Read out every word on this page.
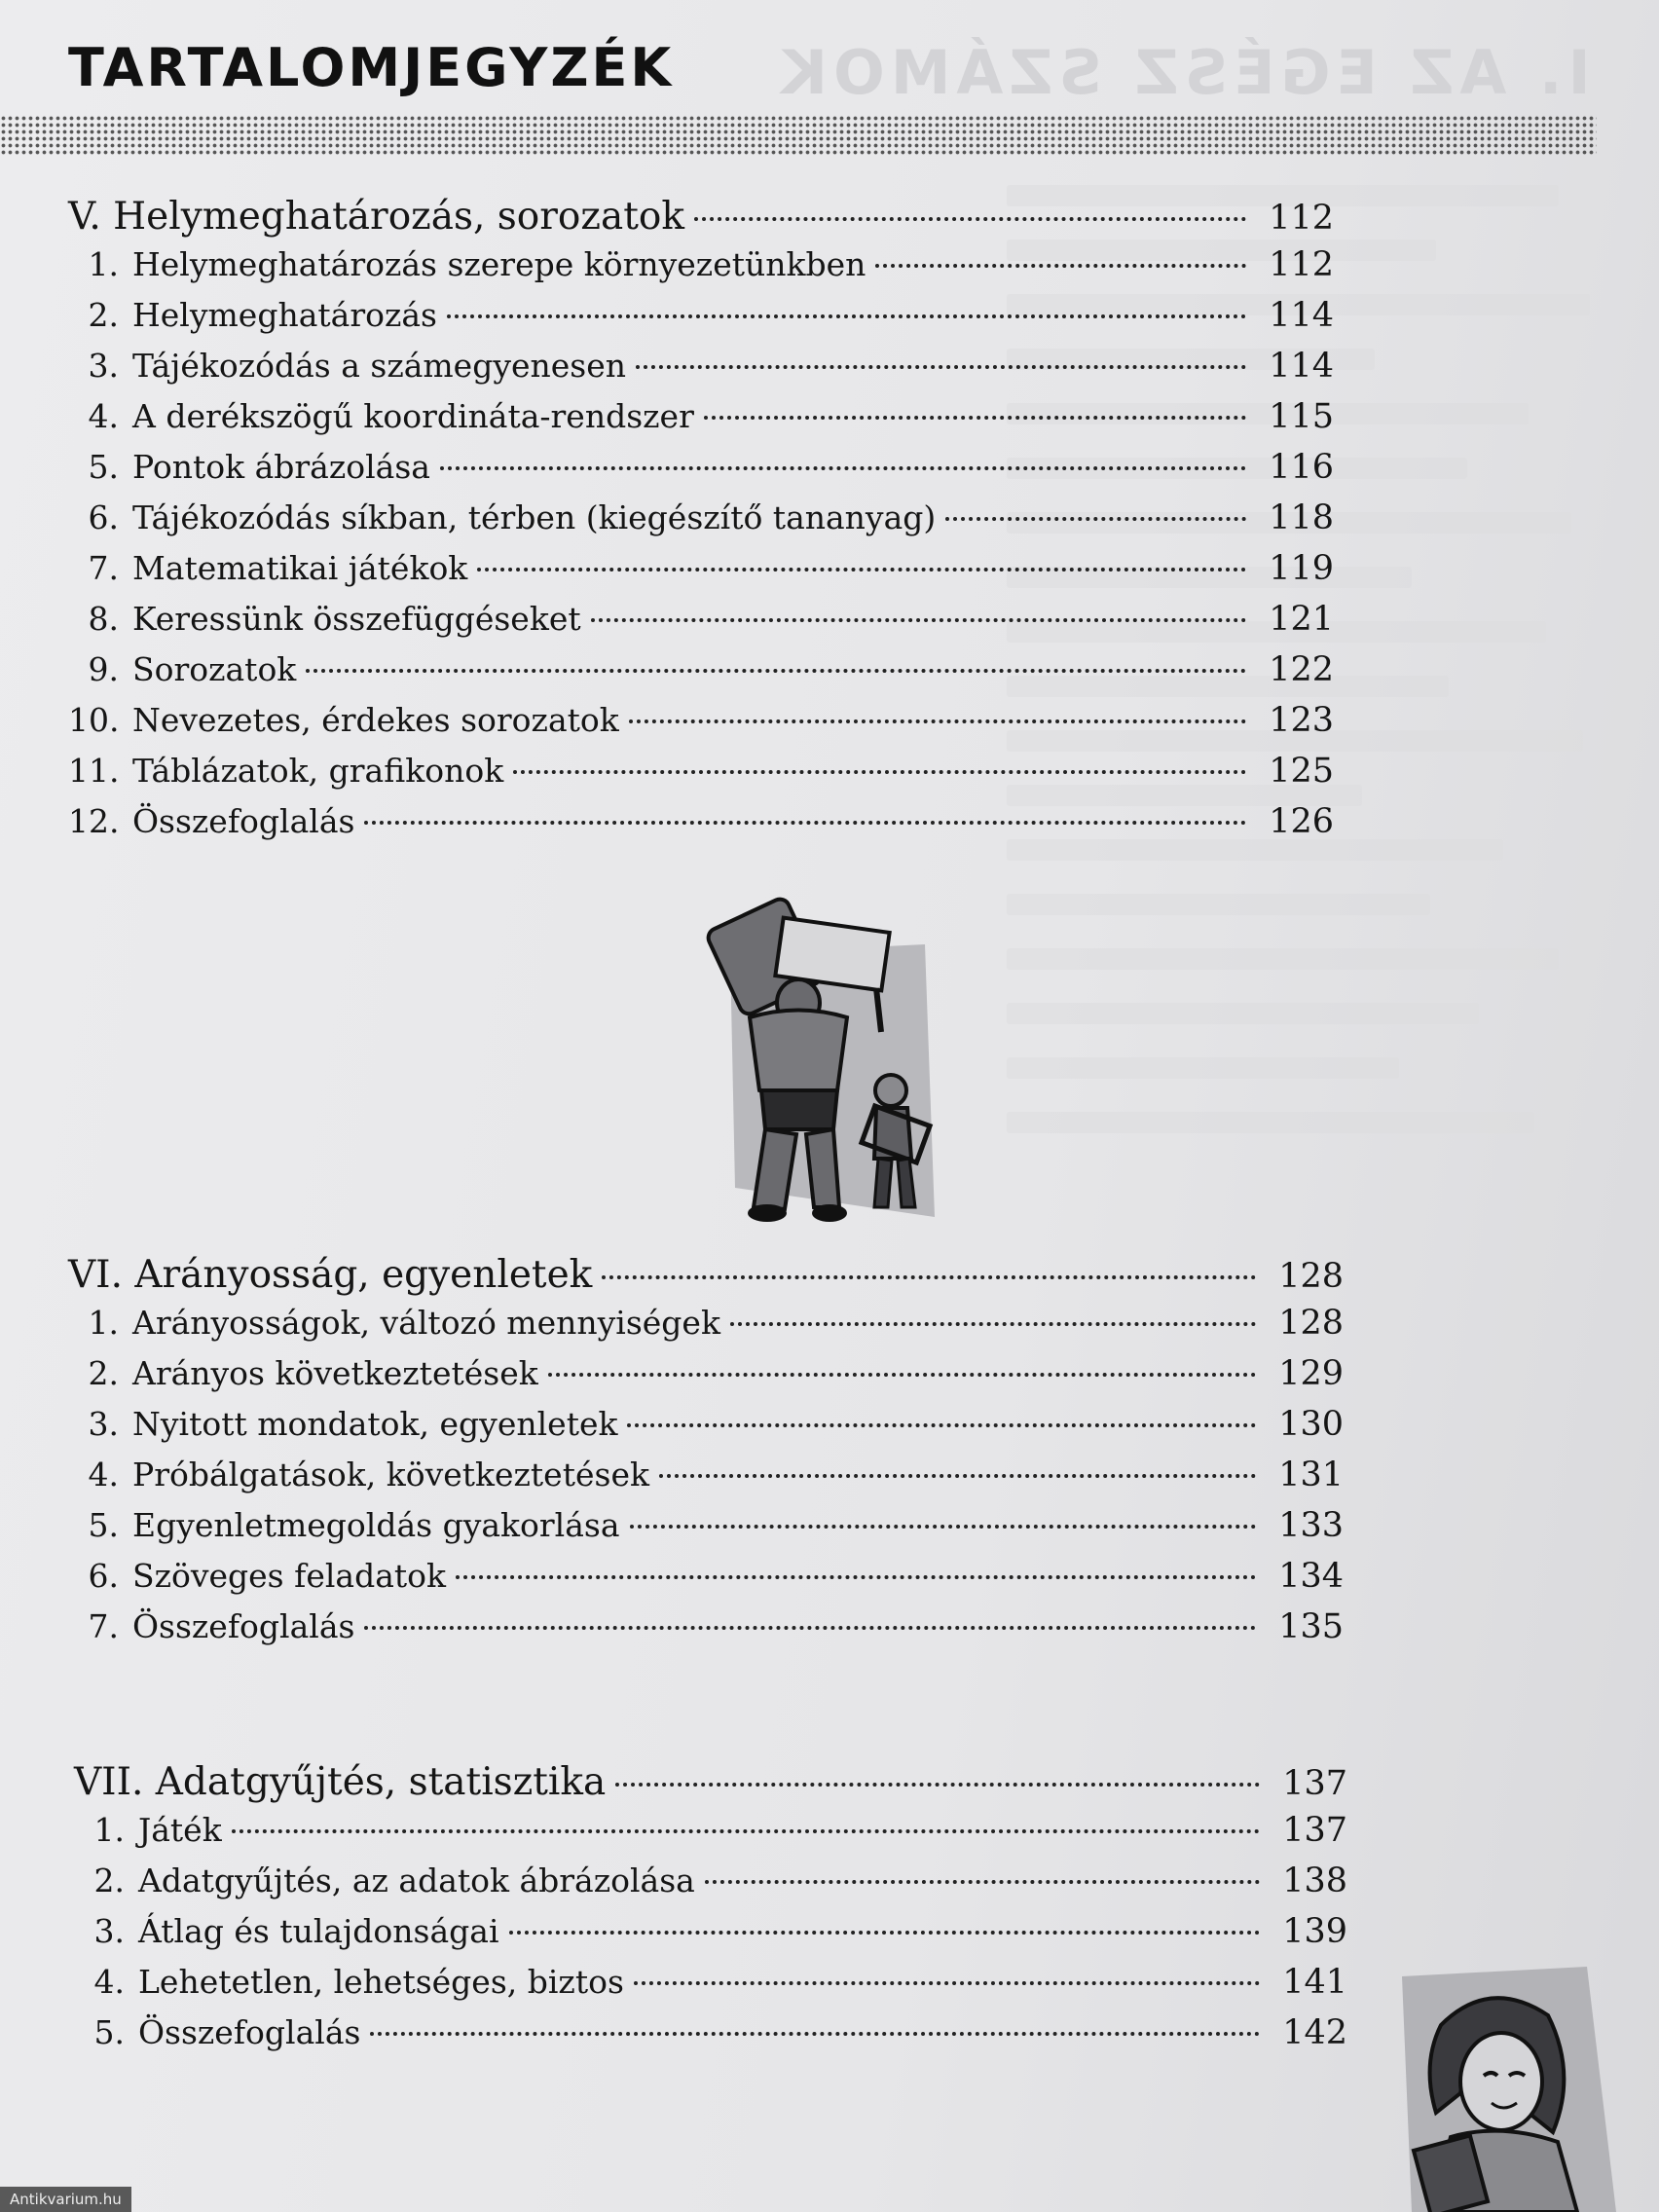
I. AZ EGÉSZ SZÁMOK
TARTALOMJEGYZÉK
V. Helymeghatározás, sorozatok	112
1. Helymeghatározás szerepe környezetünkben	112
2. Helymeghatározás	114
3. Tájékozódás a számegyenesen	114
4. A derékszögű koordináta-rendszer	115
5. Pontok ábrázolása	116
6. Tájékozódás síkban, térben (kiegészítő tananyag)	118
7. Matematikai játékok	119
8. Keressünk összefüggéseket	121
9. Sorozatok	122
10. Nevezetes, érdekes sorozatok	123
11. Táblázatok, grafikonok	125
12. Összefoglalás	126
VI. Arányosság, egyenletek	128
1. Arányosságok, változó mennyiségek	128
2. Arányos következtetések	129
3. Nyitott mondatok, egyenletek	130
4. Próbálgatások, következtetések	131
5. Egyenletmegoldás gyakorlása	133
6. Szöveges feladatok	134
7. Összefoglalás	135
VII. Adatgyűjtés, statisztika	137
1. Játék	137
2. Adatgyűjtés, az adatok ábrázolása	138
3. Átlag és tulajdonságai	139
4. Lehetetlen, lehetséges, biztos	141
5. Összefoglalás	142
Antikvarium.hu
